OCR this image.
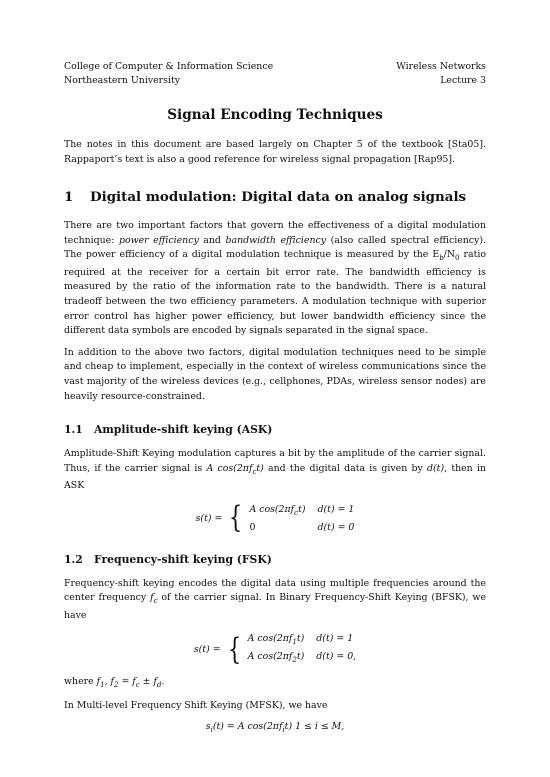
College of Computer & Information Science	Wireless Networks
Northeastern University	Lecture 3
Signal Encoding Techniques

The notes in this document are based largely on Chapter 5 of the textbook [Sta05]. Rappaport’s text is also a good reference for wireless signal propagation [Rap95].

1 Digital modulation: Digital data on analog signals

There are two important factors that govern the effectiveness of a digital modulation technique: power efficiency and bandwidth efficiency (also called spectral efficiency). The power efficiency of a digital modulation technique is measured by the $E_b/N_0$ ratio required at the receiver for a certain bit error rate. The bandwidth efficiency is measured by the ratio of the information rate to the bandwidth. There is a natural tradeoff between the two efficiency parameters. A modulation technique with superior error control has higher power efficiency, but lower bandwidth efficiency since the different data symbols are encoded by signals separated in the signal space.

In addition to the above two factors, digital modulation techniques need to be simple and cheap to implement, especially in the context of wireless communications since the vast majority of the wireless devices (e.g., cellphones, PDAs, wireless sensor nodes) are heavily resource-constrained.

1.1 Amplitude-shift keying (ASK)

Amplitude-Shift Keying modulation captures a bit by the amplitude of the carrier signal. Thus, if the carrier signal is A $\cos(2\pi f_ct)$ and the digital data is given by d(t), then in ASK

s(t) = { A $\cos(2\pi f_ct) d(t) = 1$
0	d(t) = 0
1.2 Frequency-shift keying (FSK)

Frequency-shift keying encodes the digital data using multiple frequencies around the center frequency $f_c$ of the carrier signal. In Binary Frequency-Shift Keying (BFSK), we have

s(t) = { A $\cos(2\pi f_1t) d(t) = 1$
A $\cos(2\pi f_2t) d(t) = 0$,

where $f_1$, $f_2 = f_c \pm f_d$.

In Multi-level Frequency Shift Keying (MFSK), we have

$s_i(t) = A$ $\cos(2\pi f_it) 1 \le i \le M$,
